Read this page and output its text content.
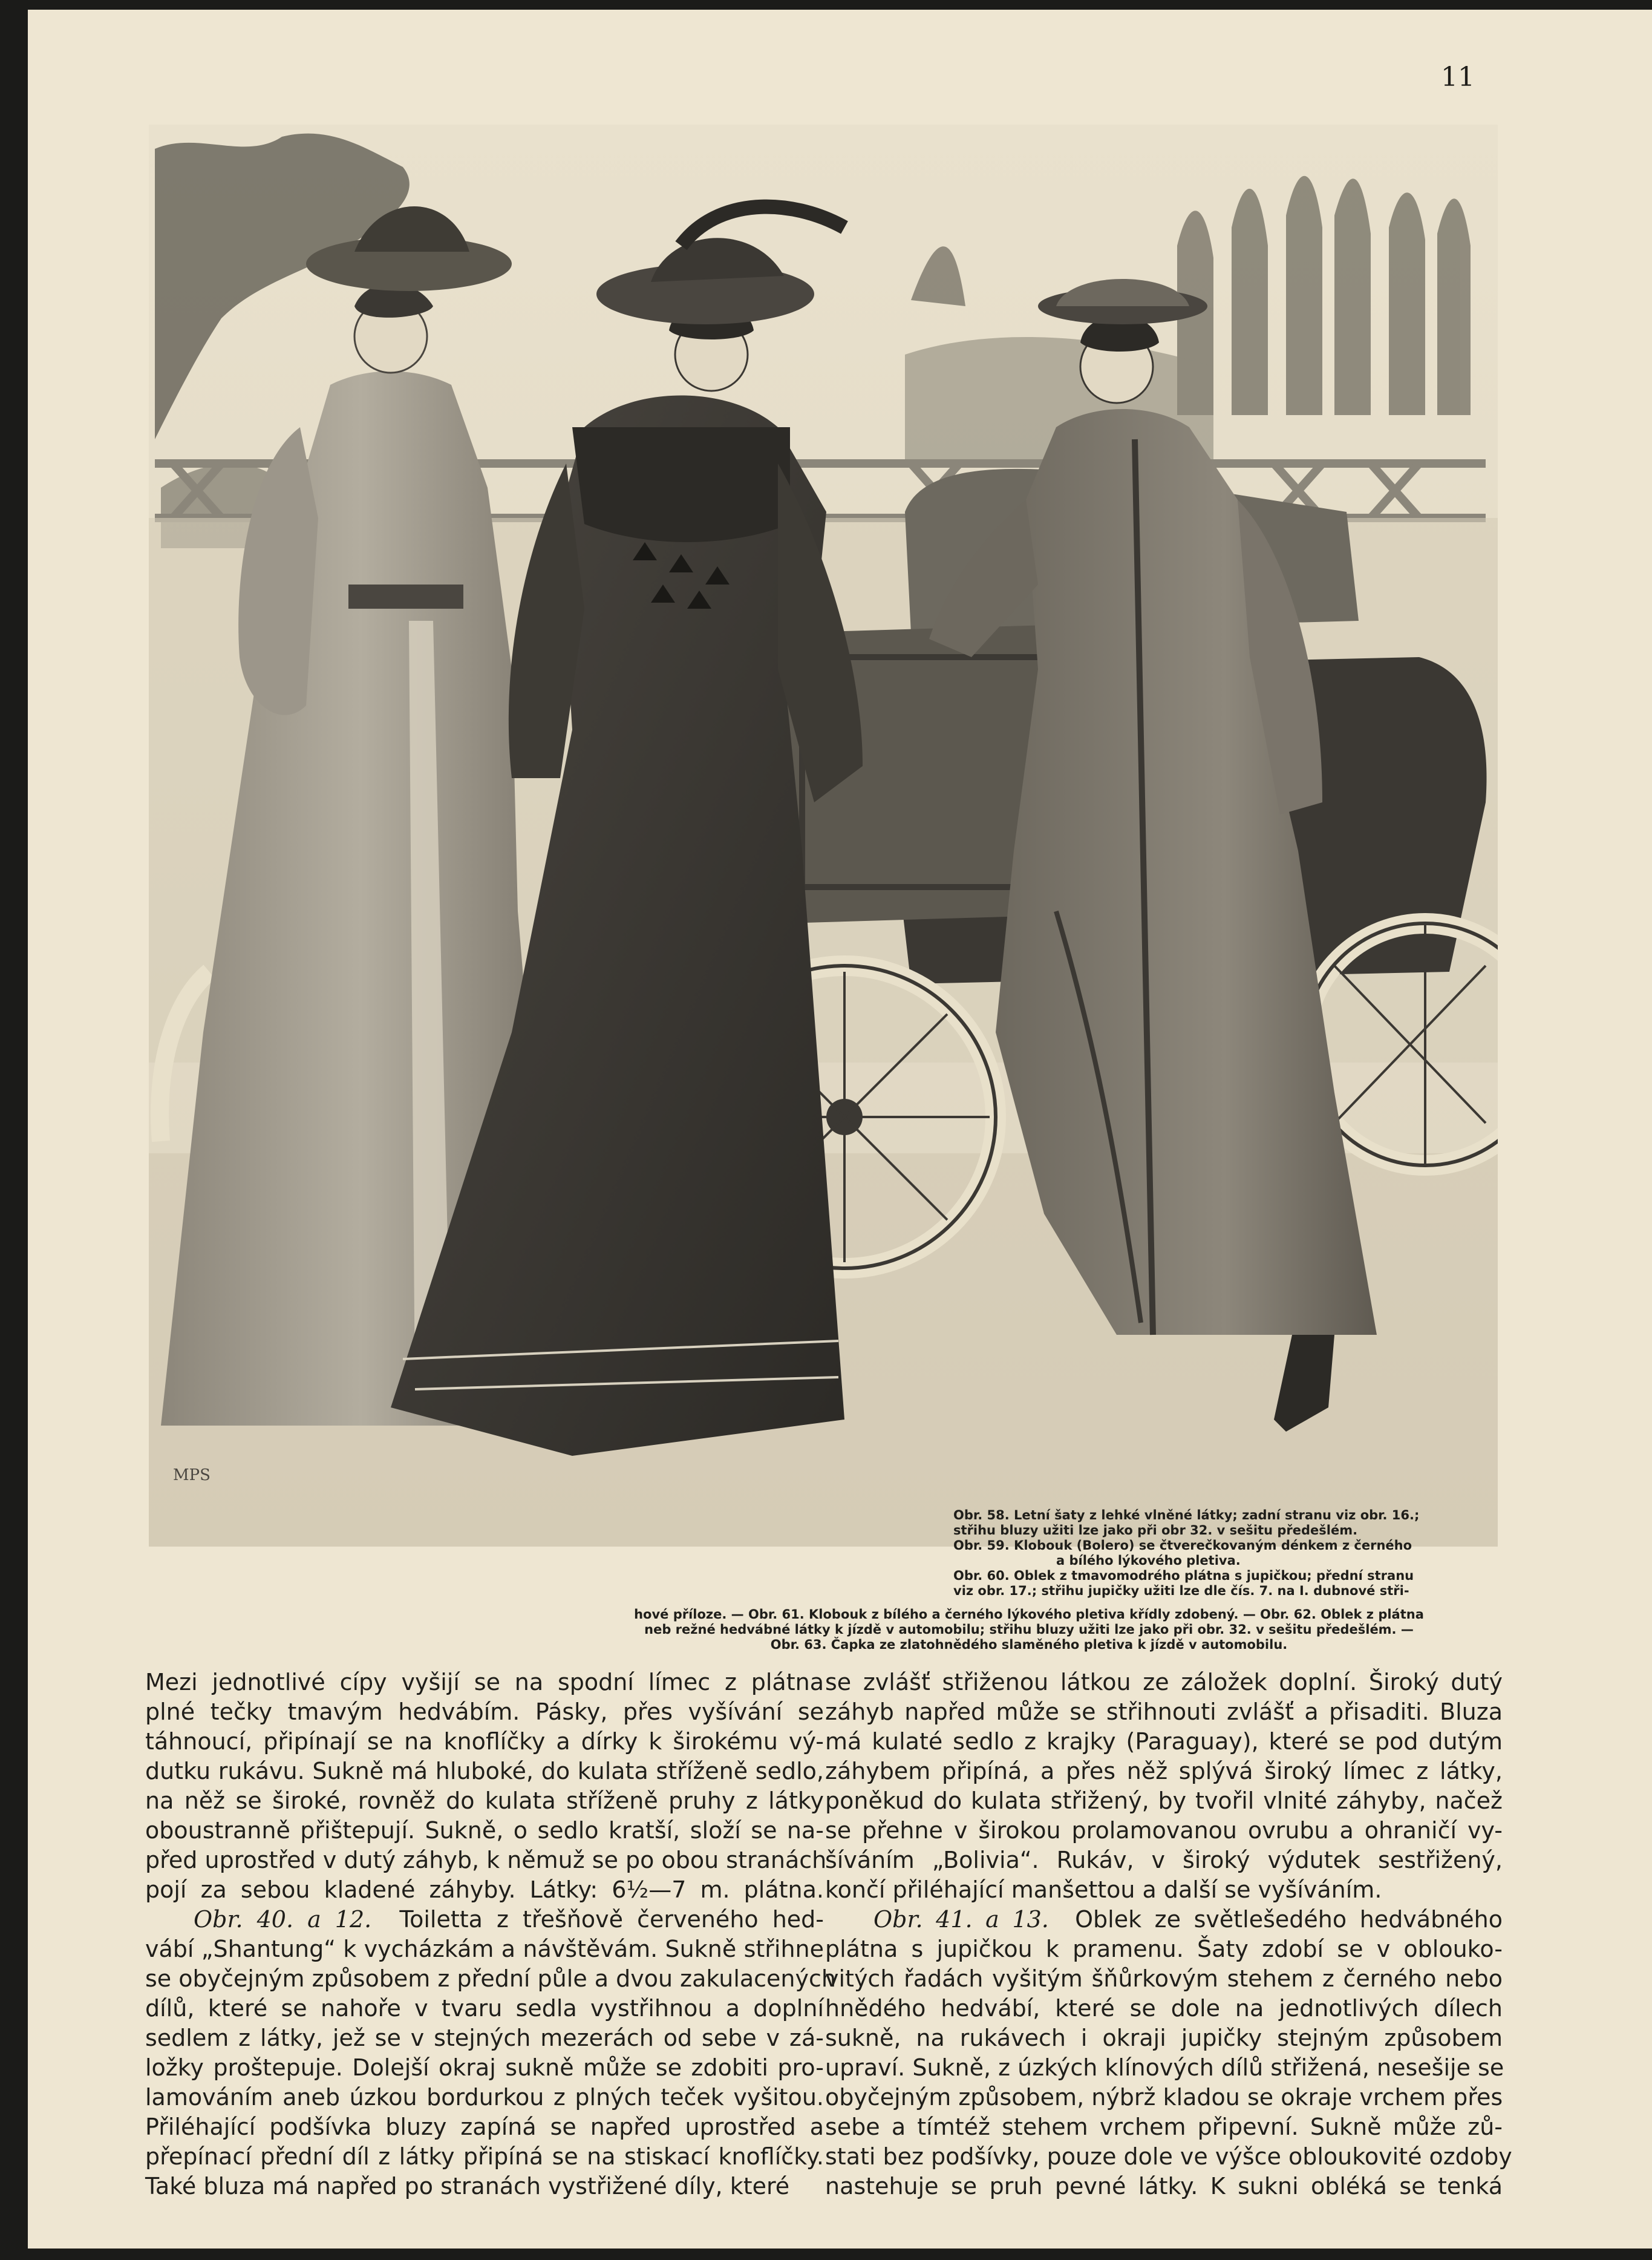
11
MPS
Obr. 58. Letní šaty z lehké vlněné látky; zadní stranu viz obr. 16.;
střihu bluzy užiti lze jako při obr 32. v sešitu předešlém.
Obr. 59. Klobouk (Bolero) se čtverečkovaným dénkem z černého
a bílého lýkového pletiva.
Obr. 60. Oblek z tmavomodrého plátna s jupičkou; přední stranu
viz obr. 17.; střihu jupičky užiti lze dle čís. 7. na I. dubnové stři-
hové příloze. — Obr. 61. Klobouk z bílého a černého lýkového pletiva křídly zdobený. — Obr. 62. Oblek z plátna
neb režné hedvábné látky k jízdě v automobilu; střihu bluzy užiti lze jako při obr. 32. v sešitu předešlém. —
Obr. 63. Čapka ze zlatohnědého slaměného pletiva k jízdě v automobilu.
Mezi jednotlivé cípy vyšijí se na spodní límec z plátna
plné tečky tmavým hedvábím. Pásky, přes vyšívání se
táhnoucí, připínají se na knoflíčky a dírky k širokému vý-
dutku rukávu. Sukně má hluboké, do kulata stříženě sedlo,
na něž se široké, rovněž do kulata stříženě pruhy z látky
oboustranně přišteрují. Sukně, o sedlo kratší, složí se na-
před uprostřed v dutý záhyb, k němuž se po obou stranách
pojí za sebou kladené záhyby. Látky: 6½—7 m. plátna.
Obr. 40. a 12. Toiletta z třešňově červeného hed-
vábí „Shantung“ k vycházkám a návštěvám. Sukně střihne
se obyčejným způsobem z přední půle a dvou zakulacených
dílů, které se nahoře v tvaru sedla vystřihnou a doplní
sedlem z látky, jež se v stejných mezerách od sebe v zá-
ložky proštepuje. Dolejší okraj sukně může se zdobiti pro-
lamováním aneb úzkou bordurkou z plných teček vyšitou.
Přiléhající podšívka bluzy zapíná se napřed uprostřed a
přepínací přední díl z látky připíná se na stiskací knoflíčky.
Také bluza má napřed po stranách vystřižené díly, které
se zvlášť střiženou látkou ze záložek doplní. Široký dutý
záhyb napřed může se střihnouti zvlášť a přisaditi. Bluza
má kulaté sedlo z krajky (Paraguay), které se pod dutým
záhybem připíná, a přes něž splývá široký límec z látky,
poněkud do kulata střižený, by tvořil vlnité záhyby, načež
se přehne v širokou prolamovanou ovrubu a ohraničí vy-
šíváním „Bolivia“. Rukáv, v široký výdutek sestřižený,
končí přiléhající manšettou a další se vyšíváním.
Obr. 41. a 13. Oblek ze světlešedého hedvábného
plátna s jupičkou k pramenu. Šaty zdobí se v oblouko-
vitých řadách vyšitým šňůrkovým stehem z černého nebo
hnědého hedvábí, které se dole na jednotlivých dílech
sukně, na rukávech i okraji jupičky stejným způsobem
upraví. Sukně, z úzkých klínových dílů střižená, nesešije se
obyčejným způsobem, nýbrž kladou se okraje vrchem přes
sebe a tímtéž stehem vrchem připevní. Sukně může zů-
stati bez podšívky, pouze dole ve výšce obloukovité ozdoby
nastehuje se pruh pevné látky. K sukni obléká se tenká
